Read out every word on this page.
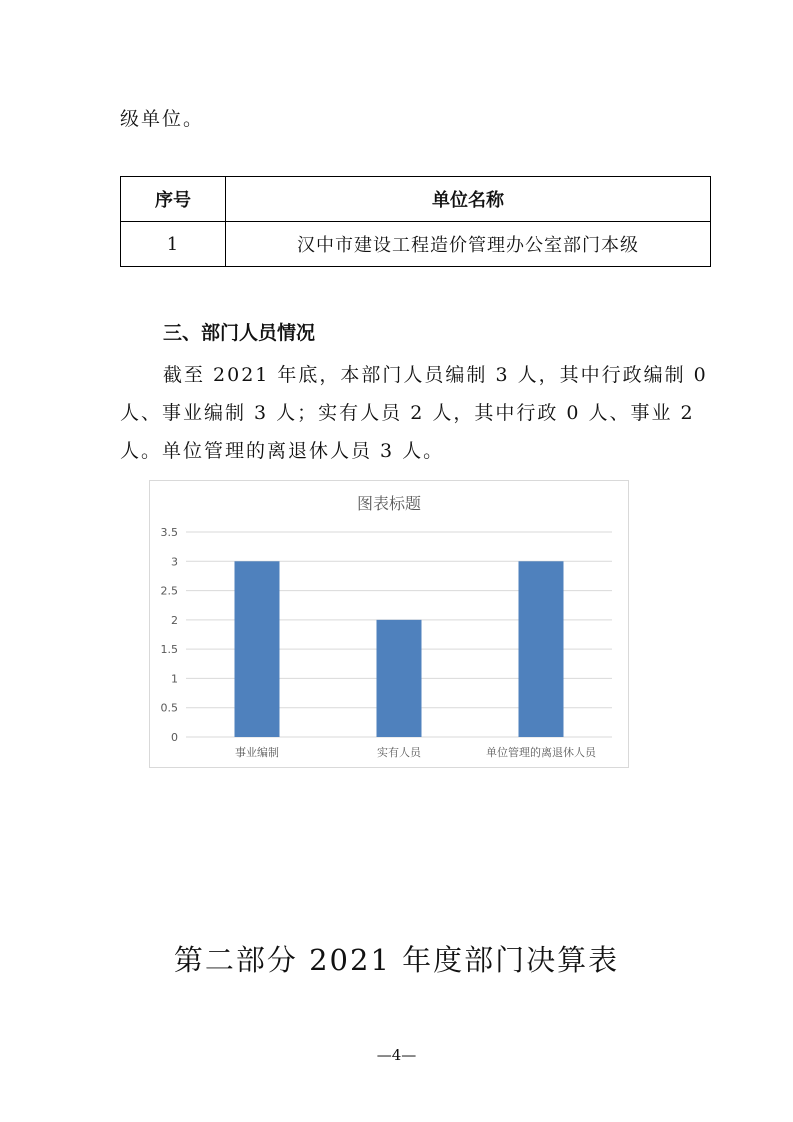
级单位。
序号	单位名称
1	汉中市建设工程造价管理办公室部门本级
三、部门人员情况
截至 2021 年底，本部门人员编制 3 人，其中行政编制 0
人、事业编制 3 人；实有人员 2 人，其中行政 0 人、事业 2
人。单位管理的离退休人员 3 人。
图表标题
0
0.5
1
1.5
2
2.5
3
3.5
事业编制	实有人员	单位管理的离退休人员
第二部分 2021 年度部门决算表
—4—
